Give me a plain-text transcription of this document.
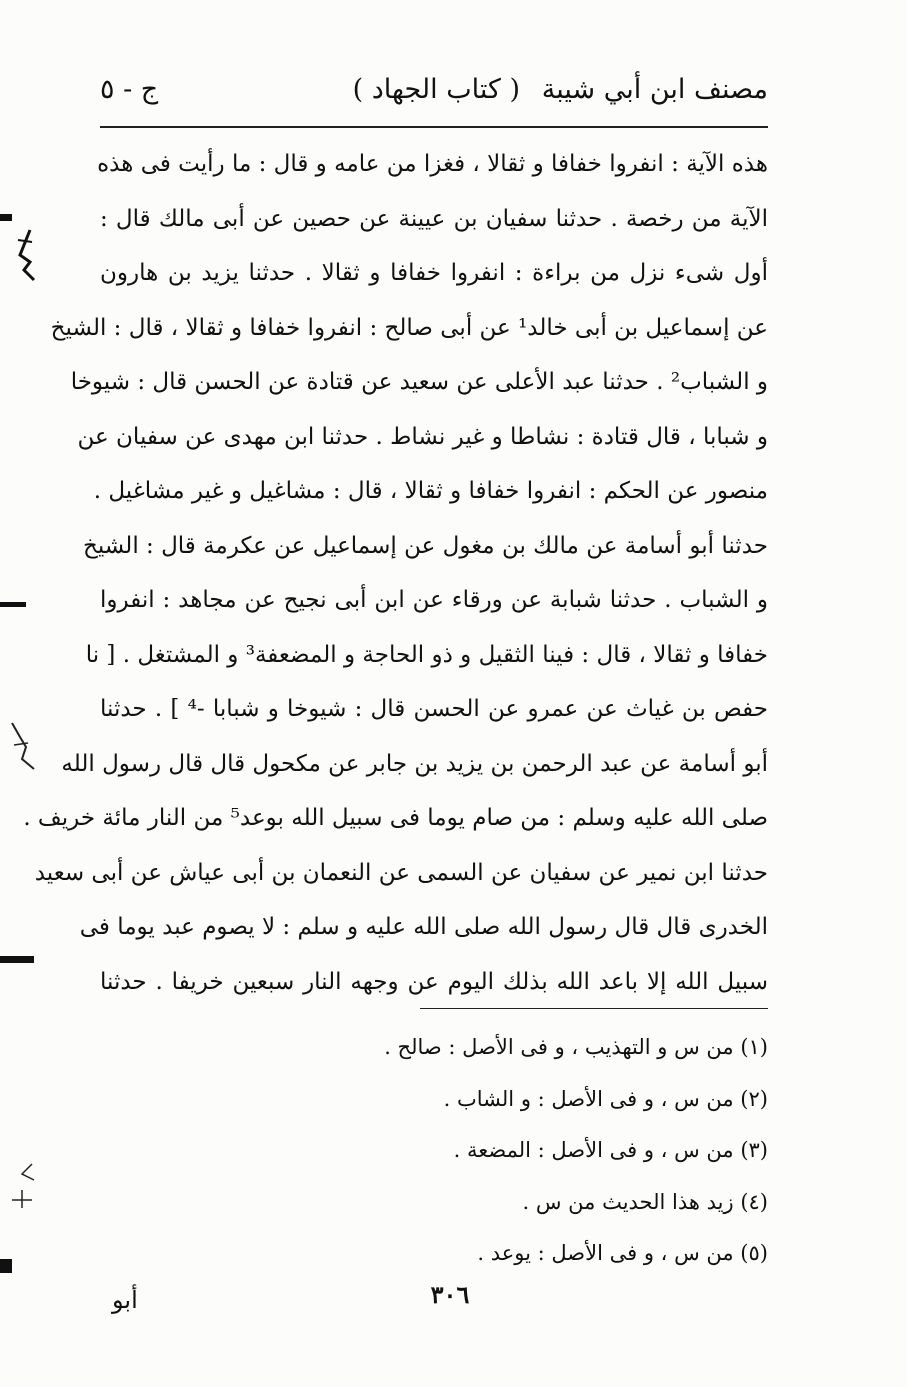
مصنف ابن أبي شيبة
( كتاب الجهاد )
ج - ٥
هذه الآية : انفروا خفافا و ثقالا ، فغزا من عامه و قال : ما رأيت فى هذه
الآية من رخصة . حدثنا سفيان بن عيينة عن حصين عن أبى مالك قال :
أول شىء نزل من براءة : انفروا خفافا و ثقالا . حدثنا يزيد بن هارون
عن إسماعيل بن أبى خالد¹ عن أبى صالح : انفروا خفافا و ثقالا ، قال : الشيخ
و الشباب² . حدثنا عبد الأعلى عن سعيد عن قتادة عن الحسن قال : شيوخا
و شبابا ، قال قتادة : نشاطا و غير نشاط . حدثنا ابن مهدى عن سفيان عن
منصور عن الحكم : انفروا خفافا و ثقالا ، قال : مشاغيل و غير مشاغيل .
حدثنا أبو أسامة عن مالك بن مغول عن إسماعيل عن عكرمة قال : الشيخ
و الشباب . حدثنا شبابة عن ورقاء عن ابن أبى نجيح عن مجاهد : انفروا
خفافا و ثقالا ، قال : فينا الثقيل و ذو الحاجة و المضعفة³ و المشتغل . [ نا
حفص بن غياث عن عمرو عن الحسن قال : شيوخا و شبابا -⁴ ] . حدثنا
أبو أسامة عن عبد الرحمن بن يزيد بن جابر عن مكحول قال قال رسول الله
صلى الله عليه وسلم : من صام يوما فى سبيل الله بوعد⁵ من النار مائة خريف .
حدثنا ابن نمير عن سفيان عن السمى عن النعمان بن أبى عياش عن أبى سعيد
الخدرى قال قال رسول الله صلى الله عليه و سلم : لا يصوم عبد يوما فى
سبيل الله إلا باعد الله بذلك اليوم عن وجهه النار سبعين خريفا . حدثنا
(١) من س و التهذيب ، و فى الأصل : صالح .
(٢) من س ، و فى الأصل : و الشاب .
(٣) من س ، و فى الأصل : المضعة .
(٤) زيد هذا الحديث من س .
(٥) من س ، و فى الأصل : يوعد .
٣٠٦
أبو
